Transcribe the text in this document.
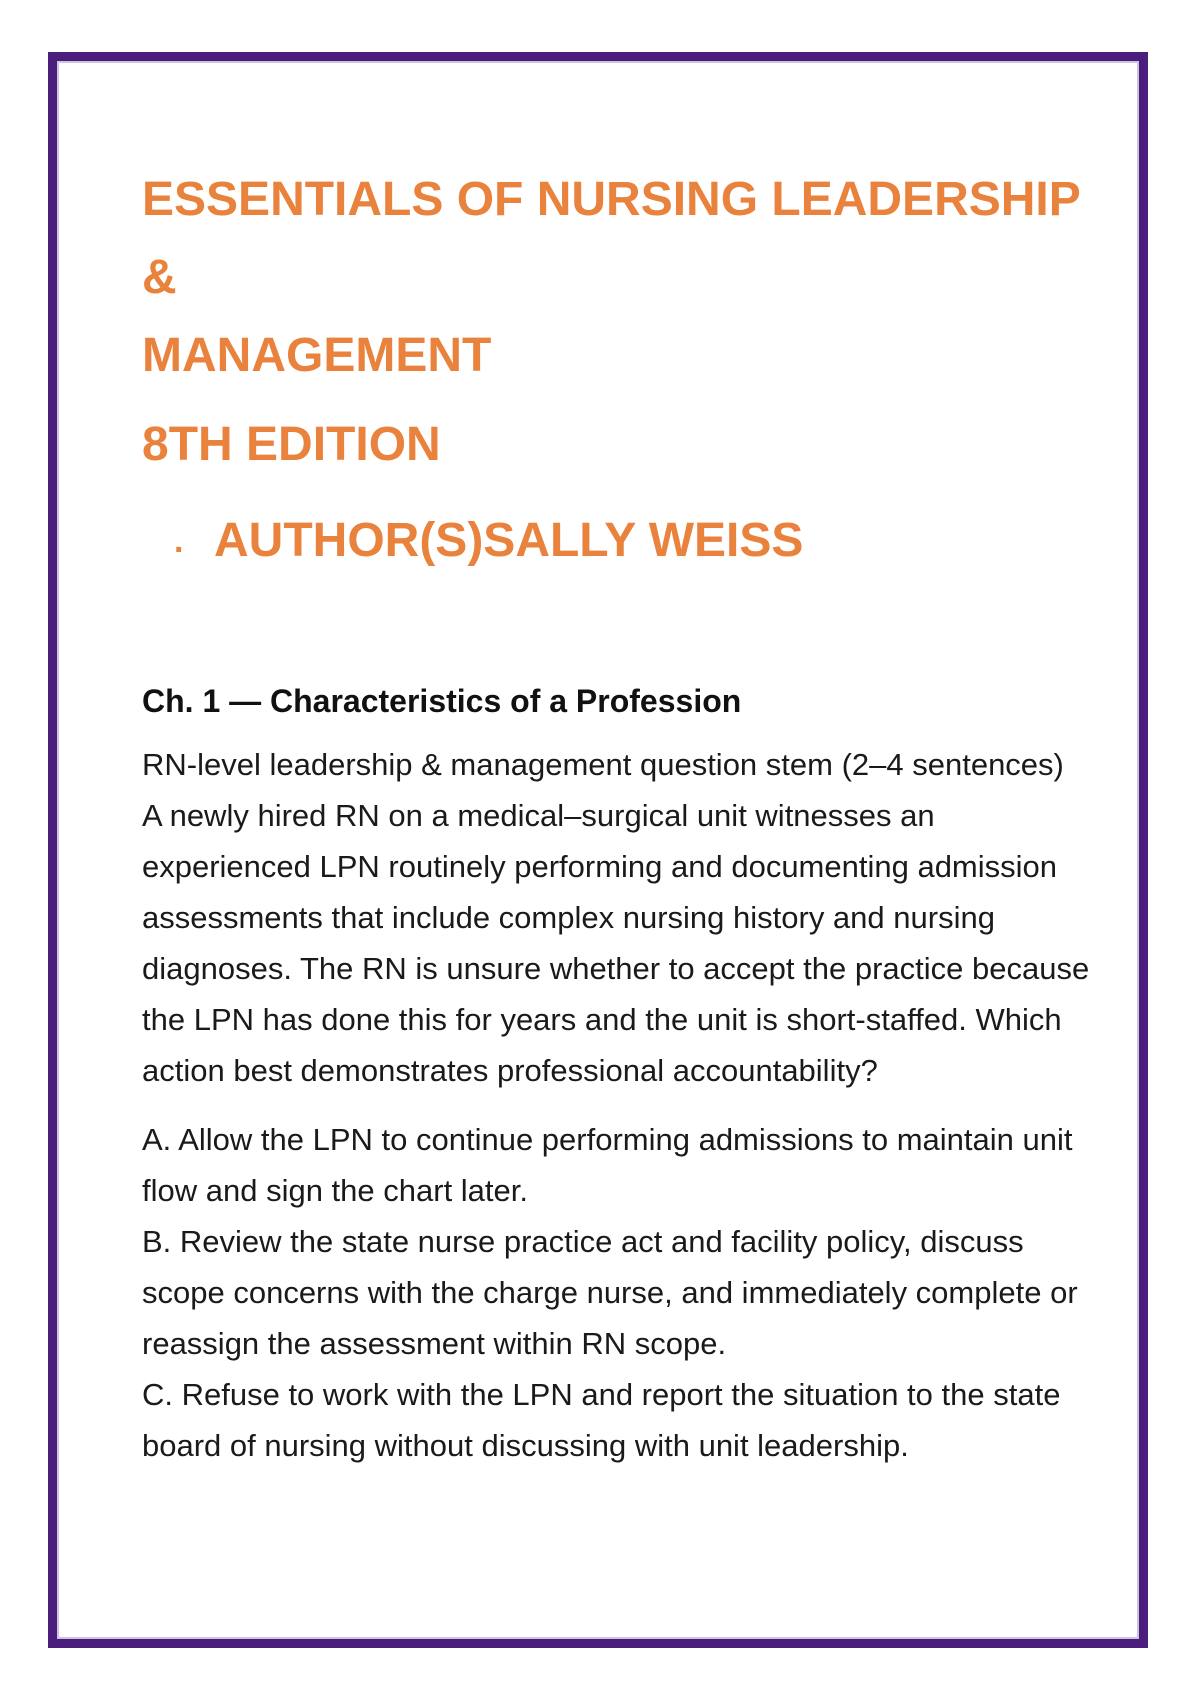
ESSENTIALS OF NURSING LEADERSHIP &

MANAGEMENT

8TH EDITION

. AUTHOR(S)SALLY WEISS
Ch. 1 — Characteristics of a Profession
RN-level leadership & management question stem (2–4 sentences)
A newly hired RN on a medical–surgical unit witnesses an experienced LPN routinely performing and documenting admission assessments that include complex nursing history and nursing diagnoses. The RN is unsure whether to accept the practice because the LPN has done this for years and the unit is short-staffed. Which action best demonstrates professional accountability?
A. Allow the LPN to continue performing admissions to maintain unit flow and sign the chart later.
B. Review the state nurse practice act and facility policy, discuss scope concerns with the charge nurse, and immediately complete or reassign the assessment within RN scope.
C. Refuse to work with the LPN and report the situation to the state board of nursing without discussing with unit leadership.
